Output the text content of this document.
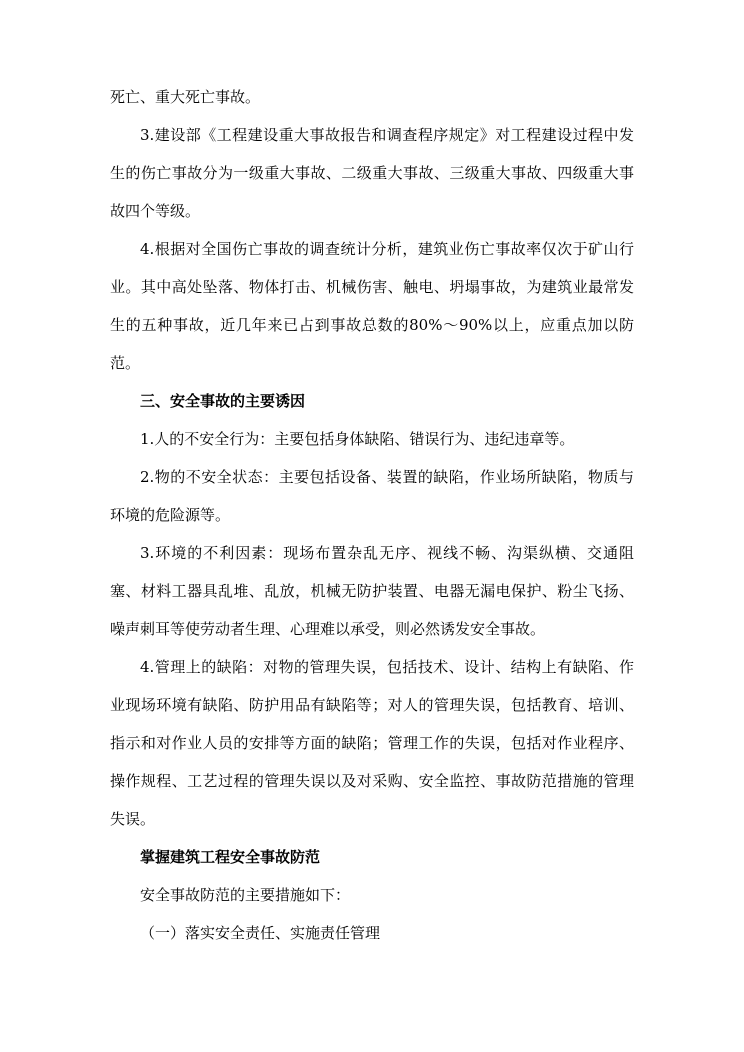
死亡、重大死亡事故。

3.建设部《工程建设重大事故报告和调查程序规定》对工程建设过程中发生的伤亡事故分为一级重大事故、二级重大事故、三级重大事故、四级重大事故四个等级。

4.根据对全国伤亡事故的调查统计分析，建筑业伤亡事故率仅次于矿山行业。其中高处坠落、物体打击、机械伤害、触电、坍塌事故，为建筑业最常发生的五种事故，近几年来已占到事故总数的80%～90%以上，应重点加以防范。

三、安全事故的主要诱因

1.人的不安全行为：主要包括身体缺陷、错误行为、违纪违章等。

2.物的不安全状态：主要包括设备、装置的缺陷，作业场所缺陷，物质与环境的危险源等。

3.环境的不利因素：现场布置杂乱无序、视线不畅、沟渠纵横、交通阻塞、材料工器具乱堆、乱放，机械无防护装置、电器无漏电保护、粉尘飞扬、噪声刺耳等使劳动者生理、心理难以承受，则必然诱发安全事故。

4.管理上的缺陷：对物的管理失误，包括技术、设计、结构上有缺陷、作业现场环境有缺陷、防护用品有缺陷等；对人的管理失误，包括教育、培训、指示和对作业人员的安排等方面的缺陷；管理工作的失误，包括对作业程序、操作规程、工艺过程的管理失误以及对采购、安全监控、事故防范措施的管理失误。

掌握建筑工程安全事故防范

安全事故防范的主要措施如下：

（一）落实安全责任、实施责任管理
